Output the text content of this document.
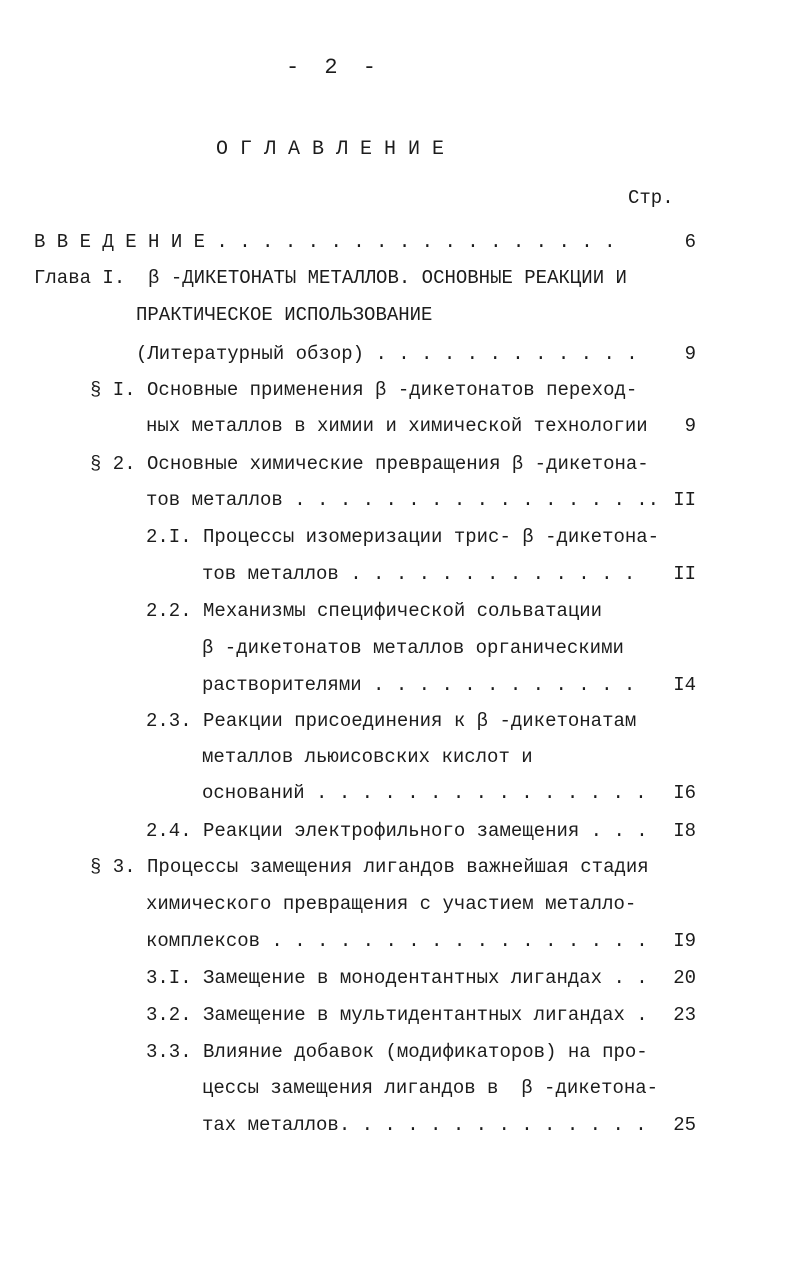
- 2 -
О Г Л А В Л Е Н И Е
Стр.
В В Е Д Е Н И Е . . . . . . . . . . . . . . . . . .	6
Глава I.  β -ДИКЕТОНАТЫ МЕТАЛЛОВ. ОСНОВНЫЕ РЕАКЦИИ И
ПРАКТИЧЕСКОЕ ИСПОЛЬЗОВАНИЕ
(Литературный обзор) . . . . . . . . . . . . 9
§ I. Основные применения β -дикетонатов переход-
ных металлов в химии и химической технологии 9
§ 2. Основные химические превращения β -дикетона-
тов металлов . . . . . . . . . . . . . . . .. II
2.I. Процессы изомеризации трис- β -дикетона-
тов металлов . . . . . . . . . . . . . II
2.2. Механизмы специфической сольватации
β -дикетонатов металлов органическими
растворителями . . . . . . . . . . . . I4
2.3. Реакции присоединения к β -дикетонатам
металлов льюисовских кислот и
оснований . . . . . . . . . . . . . . . I6
2.4. Реакции электрофильного замещения . . . I8
§ 3. Процессы замещения лигандов важнейшая стадия
химического превращения с участием металло-
комплексов . . . . . . . . . . . . . . . . . I9
3.I. Замещение в монодентантных лигандах . . 20
3.2. Замещение в мультидентантных лигандах . 23
3.3. Влияние добавок (модификаторов) на про-
цессы замещения лигандов в  β -дикетона-
тах металлов. . . . . . . . . . . . . . 25
